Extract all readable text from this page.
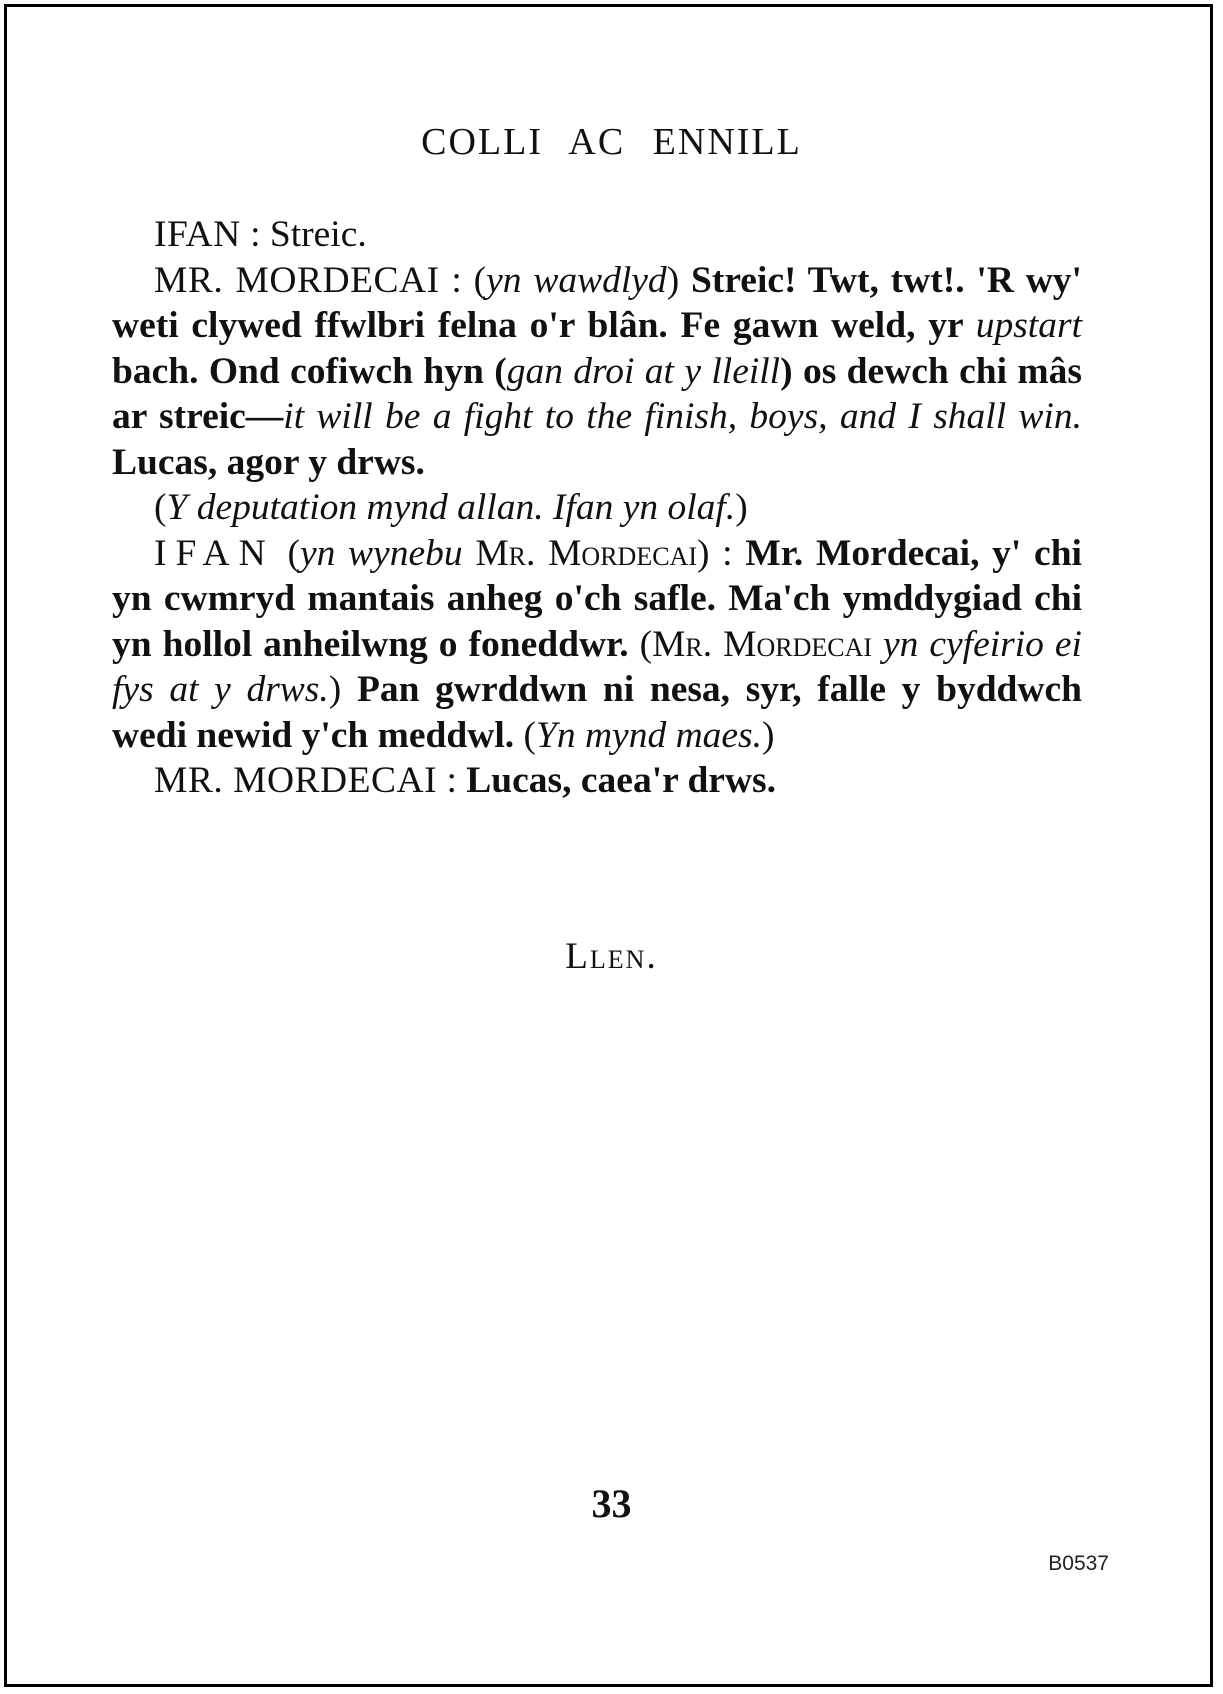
COLLI AC ENNILL

IFAN : Streic.

MR. MORDECAI : (yn wawdlyd) Streic! Twt, twt!. 'R wy' weti clywed ffwlbri felna o'r blân. Fe gawn weld, yr upstart bach. Ond cofiwch hyn (gan droi at y lleill) os dewch chi mâs ar streic—it will be a fight to the finish, boys, and I shall win. Lucas, agor y drws.

(Y deputation mynd allan. Ifan yn olaf.)

IFAN (yn wynebu Mr. Mordecai) : Mr. Mordecai, y' chi yn cwmryd mantais anheg o'ch safle. Ma'ch ymddygiad chi yn hollol anheilwng o foneddwr. (Mr. Mordecai yn cyfeirio ei fys at y drws.) Pan gwrddwn ni nesa, syr, falle y byddwch wedi newid y'ch meddwl. (Yn mynd maes.)

MR. MORDECAI : Lucas, caea'r drws.

Llen.
33
B0537
